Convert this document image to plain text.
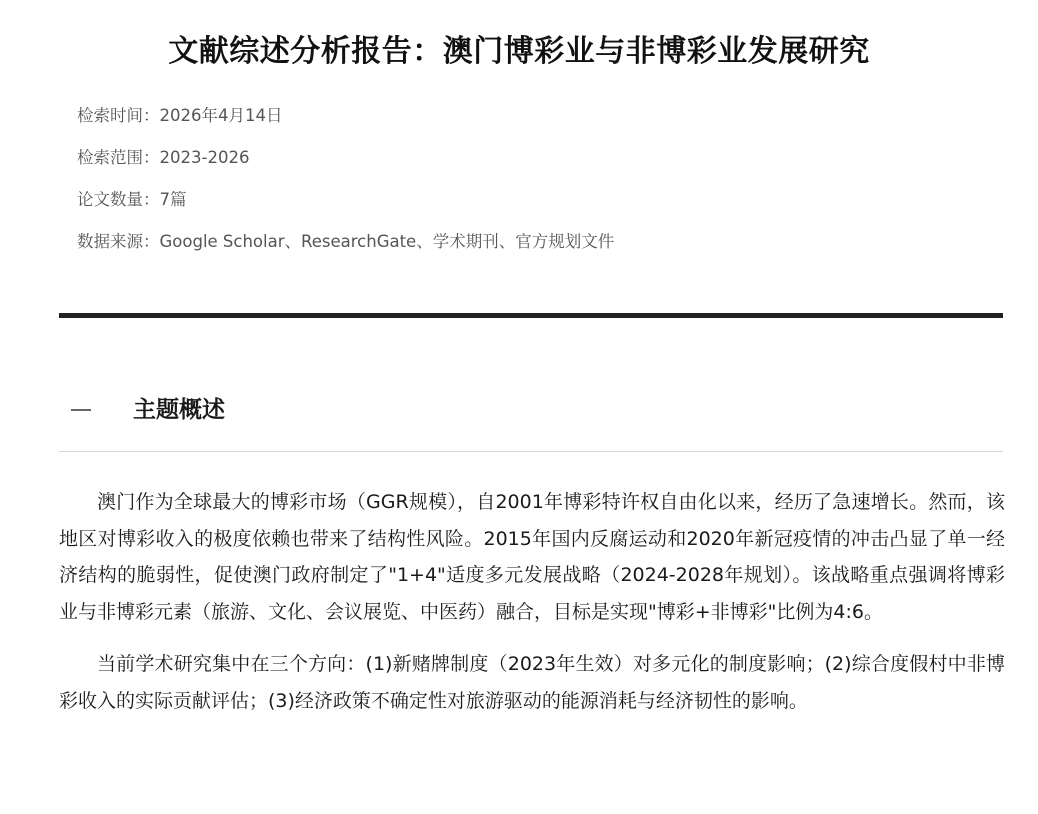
文献综述分析报告：澳门博彩业与非博彩业发展研究
检索时间：2026年4月14日
检索范围：2023-2026
论文数量：7篇
数据来源：Google Scholar、ResearchGate、学术期刊、官方规划文件
主题概述

澳门作为全球最大的博彩市场（GGR规模），自2001年博彩特许权自由化以来，经历了急速增长。然而，该地区对博彩收入的极度依赖也带来了结构性风险。2015年国内反腐运动和2020年新冠疫情的冲击凸显了单一经济结构的脆弱性，促使澳门政府制定了"1+4"适度多元发展战略（2024-2028年规划）。该战略重点强调将博彩业与非博彩元素（旅游、文化、会议展览、中医药）融合，目标是实现"博彩+非博彩"比例为4:6。

当前学术研究集中在三个方向：(1)新赌牌制度（2023年生效）对多元化的制度影响；(2)综合度假村中非博彩收入的实际贡献评估；(3)经济政策不确定性对旅游驱动的能源消耗与经济韧性的影响。
